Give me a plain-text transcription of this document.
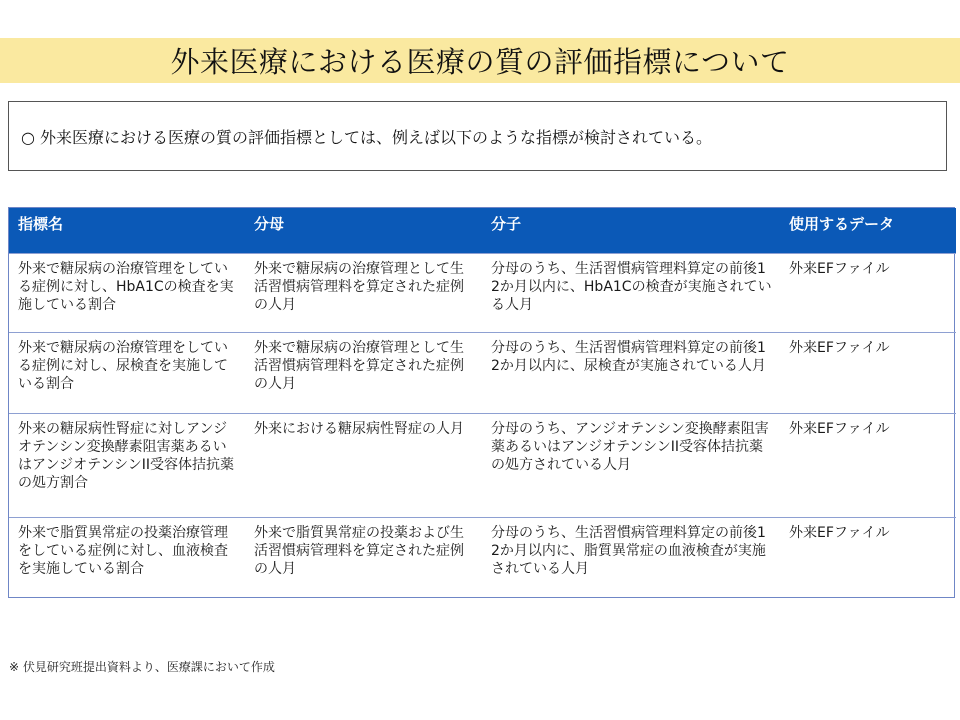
外来医療における医療の質の評価指標について
○ 外来医療における医療の質の評価指標としては、例えば以下のような指標が検討されている。
指標名	分母	分子	使用するデータ
外来で糖尿病の治療管理をしている症例に対し、HbA1Cの検査を実施している割合	外来で糖尿病の治療管理として生活習慣病管理料を算定された症例の人月	分母のうち、生活習慣病管理料算定の前後12か月以内に、HbA1Cの検査が実施されている人月	外来EFファイル
外来で糖尿病の治療管理をしている症例に対し、尿検査を実施している割合	外来で糖尿病の治療管理として生活習慣病管理料を算定された症例の人月	分母のうち、生活習慣病管理料算定の前後12か月以内に、尿検査が実施されている人月	外来EFファイル
外来の糖尿病性腎症に対しアンジオテンシン変換酵素阻害薬あるいはアンジオテンシンII受容体拮抗薬の処方割合	外来における糖尿病性腎症の人月	分母のうち、アンジオテンシン変換酵素阻害薬あるいはアンジオテンシンII受容体拮抗薬の処方されている人月	外来EFファイル
外来で脂質異常症の投薬治療管理をしている症例に対し、血液検査を実施している割合	外来で脂質異常症の投薬および生活習慣病管理料を算定された症例の人月	分母のうち、生活習慣病管理料算定の前後12か月以内に、脂質異常症の血液検査が実施されている人月	外来EFファイル
※ 伏見研究班提出資料より、医療課において作成
